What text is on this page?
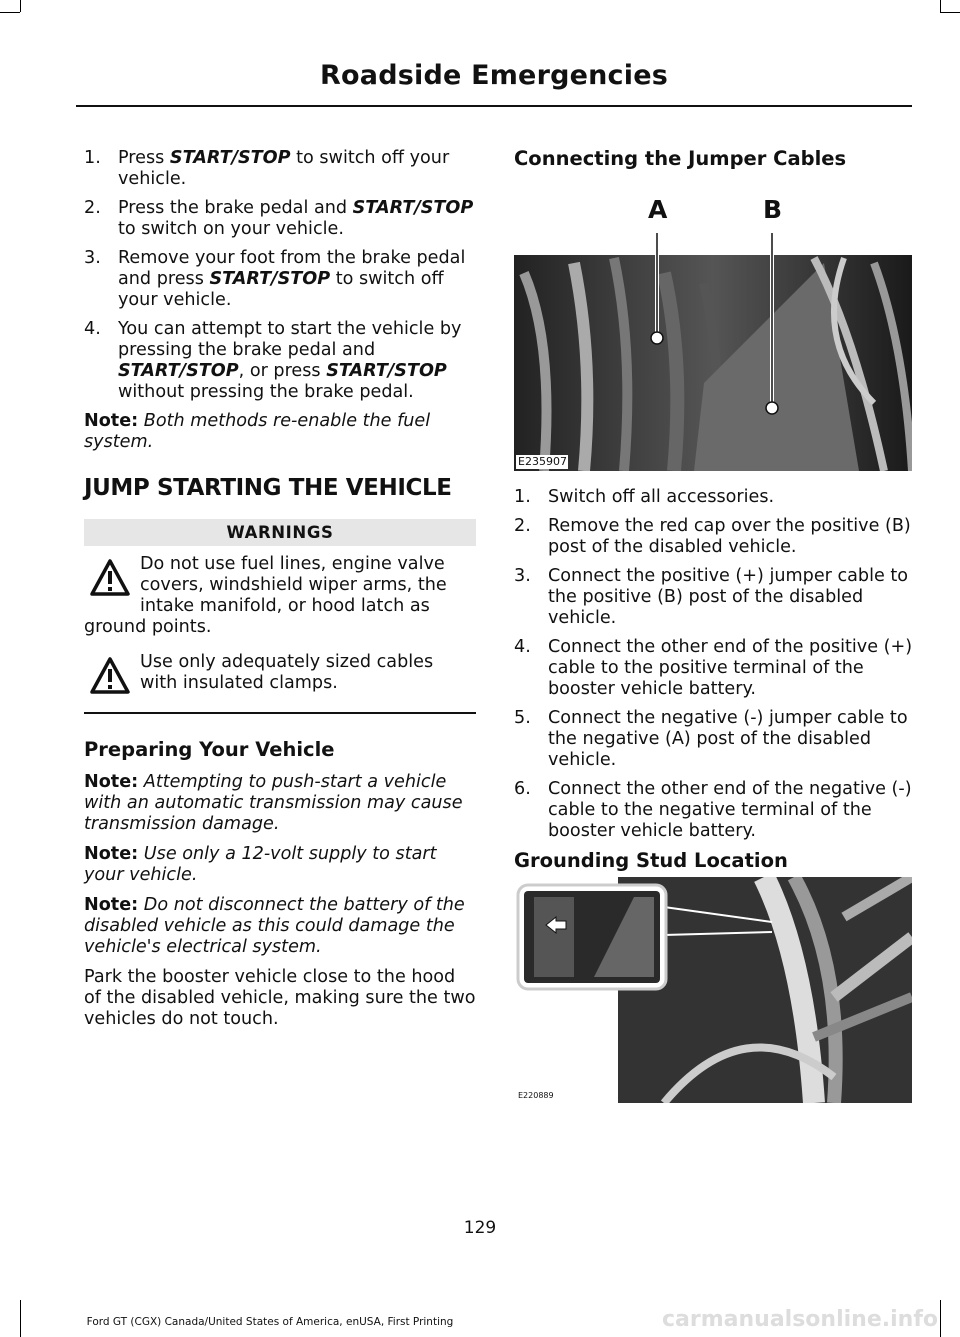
Roadside Emergencies
1. Press START/STOP to switch off your vehicle.
2. Press the brake pedal and START/STOP to switch on your vehicle.
3. Remove your foot from the brake pedal and press START/STOP to switch off your vehicle.
4. You can attempt to start the vehicle by pressing the brake pedal and START/STOP, or press START/STOP without pressing the brake pedal.

Note: Both methods re-enable the fuel system.

JUMP STARTING THE VEHICLE
WARNINGS
Do not use fuel lines, engine valve covers, windshield wiper arms, the intake manifold, or hood latch as ground points.
Use only adequately sized cables with insulated clamps.
Preparing Your Vehicle

Note: Attempting to push-start a vehicle with an automatic transmission may cause transmission damage.

Note: Use only a 12-volt supply to start your vehicle.

Note: Do not disconnect the battery of the disabled vehicle as this could damage the vehicle's electrical system.

Park the booster vehicle close to the hood of the disabled vehicle, making sure the two vehicles do not touch.

Connecting the Jumper Cables
A	B
E235907
1. Switch off all accessories.
2. Remove the red cap over the positive (B) post of the disabled vehicle.
3. Connect the positive (+) jumper cable to the positive (B) post of the disabled vehicle.
4. Connect the other end of the positive (+) cable to the positive terminal of the booster vehicle battery.
5. Connect the negative (-) jumper cable to the negative (A) post of the disabled vehicle.
6. Connect the other end of the negative (-) cable to the negative terminal of the booster vehicle battery.
Grounding Stud Location
E220889
129
Ford GT (CGX) Canada/United States of America, enUSA, First Printing	carmanualsonline.info
